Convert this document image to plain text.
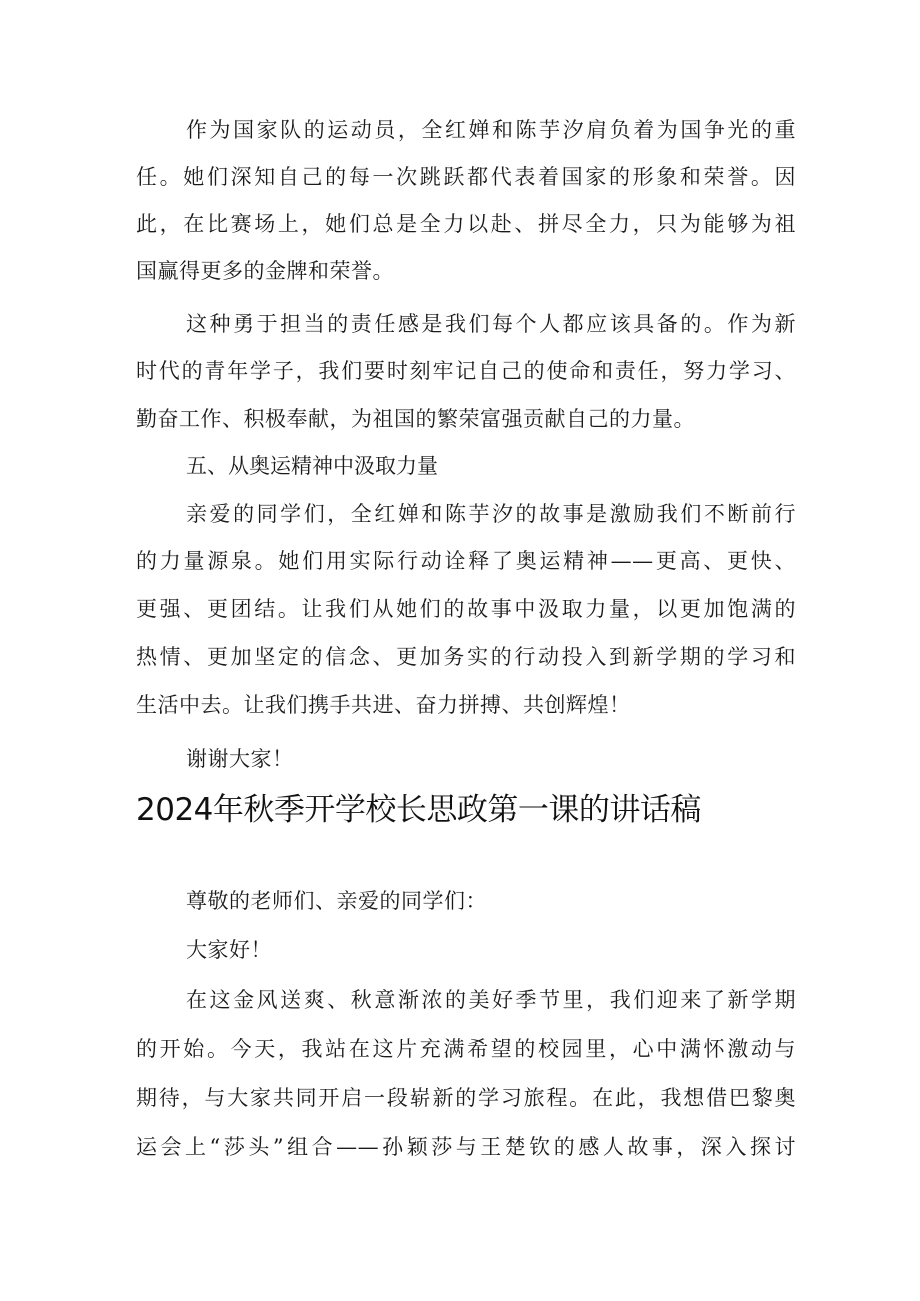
作为国家队的运动员，全红婵和陈芋汐肩负着为国争光的重
任。她们深知自己的每一次跳跃都代表着国家的形象和荣誉。因
此，在比赛场上，她们总是全力以赴、拼尽全力，只为能够为祖
国赢得更多的金牌和荣誉。
这种勇于担当的责任感是我们每个人都应该具备的。作为新
时代的青年学子，我们要时刻牢记自己的使命和责任，努力学习、
勤奋工作、积极奉献，为祖国的繁荣富强贡献自己的力量。
五、从奥运精神中汲取力量
亲爱的同学们，全红婵和陈芋汐的故事是激励我们不断前行
的力量源泉。她们用实际行动诠释了奥运精神——更高、更快、
更强、更团结。让我们从她们的故事中汲取力量，以更加饱满的
热情、更加坚定的信念、更加务实的行动投入到新学期的学习和
生活中去。让我们携手共进、奋力拼搏、共创辉煌！
谢谢大家！
2024年秋季开学校长思政第一课的讲话稿
尊敬的老师们、亲爱的同学们：
大家好！
在这金风送爽、秋意渐浓的美好季节里，我们迎来了新学期
的开始。今天，我站在这片充满希望的校园里，心中满怀激动与
期待，与大家共同开启一段崭新的学习旅程。在此，我想借巴黎奥
运会上“莎头”组合——孙颖莎与王楚钦的感人故事，深入探讨
